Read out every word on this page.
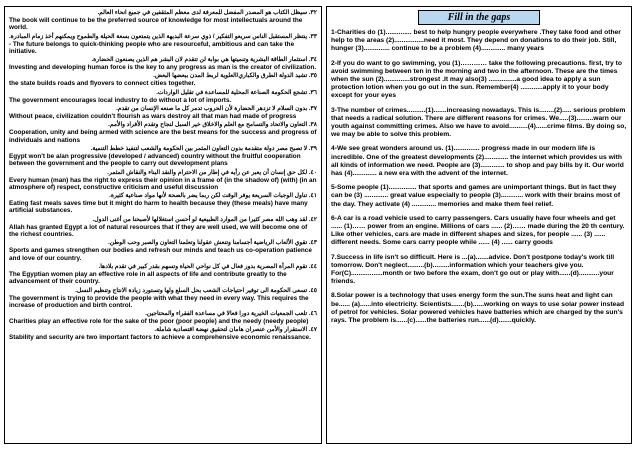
٣٢. سيظل الكتاب هو المصدر المفضل للمعرفة لدى معظم المثقفين في جميع انحاء العالم.
The book will continue to be the preferred source of knowledge for most intellectuals around the world.
٣٣. ينتظر المستقبل الناس سريعو التفكير / ذوي سرعة البديهة الذين يتمتعون بسعة الحيلة والطموح ويمكنهم أخذ زمام المبادرة.
- The future belongs to quick-thinking people who are resourceful, ambitious and can take the initiative.
٣٤. استثمار الطاقة البشرية وتنميتها هي بوابة لن تتقدم لان البشر هم الذين يصنعون الحضارة.
Investing and developing human force is the key to any progress as man is the creator of civilization.
٣٥. تشيد الدولة الطرق والكباري/العلوية لربط المدن ببعضها البعض.
the state builds roads and flyovers to connect cities together.
٣٦. تشجع الحكومة الصناعة المحلية للمساعدة في تقليل الواردات.
The government encourages local industry to do without a lot of imports.
٣٧. بدون السلام لا تزدهر الحضارة لأن الحروب تدمر كل ما صنعه الإنسان من تقدم.
Without peace, civilization couldn't flourish as wars destroy all that man had made of progress
٣٨. التعاون والاتحاد والتسامح مع العلم والاخلاق خير السبل لنجاح وتقدم الأفراد والأمم.
Cooperation, unity and being armed with science are the best means for the success and progress of individuals and nations
٣٩. لا تصبح مصر دولة متقدمة بدون التعاون المثمر بين الحكومة والشعب لتنفيذ خطط التنمية.
Egypt won't be a/an progressive (developed / advanced) country without the fruitful cooperation between the government and the people to carry out development plans
٤٠. لكل حق إنسان أن يعبر عن رأيه في إطار من الاحترام والنقد البناء والنقاش المثمر.
Every human (man) has the right to express their opinion in a frame of (in the shadow of) (with) (in an atmosphere of) respect, constructive criticism and useful discussion
٤١. تناول الوجبات السريعة يوفر الوقت لكن ربما يضر بالصحة لأنها مواد صناعية كثيرة.
Eating fast meals saves time but it might do harm to health because they (these meals) have many artificial substances.
٤٢. لقد وهب الله مصر كثيرا من الموارد الطبيعية لو أحسن استغلالها لأصبحنا من أغنى الدول.
Allah has granted Egypt a lot of natural resources that if they are well used, we will become one of the richest countries.
٤٣. تقوي الألعاب الرياضية أجسامنا وتنعش عقولنا وتعلمنا التعاون والصبر وحب الوطن.
Sports and games strengthen our bodies and refresh our minds and teach us co-operation patience and love of our country.
٤٤. تقوم المرأة المصرية بدور فعال في كل نواحي الحياة وتسهم بقدر كبير في تقدم بلادها.
The Egyptian women play an effective role in all aspects of life and contribute greatly to the advancement of their country.
٤٥. تسعى الحكومة الى توفير احتياجات الشعب بحل السلع ولها وتستورد زيادة الانتاج وتنظيم النسل.
The government is trying to provide the people with what they need in every way. This requires the increase of production and birth control.
٤٦. تلعب الجمعيات الخيرية دورا فعالا في مساعدة الفقراء والمحتاجين.
Charities play an effective role for the sake of the poor (poor people) and the needy (needy people)
٤٧. الاستقرار والأمن عنصران هامان لتحقيق نهضة اقتصادية شاملة.
Stability and security are two important factors to achieve a comprehensive economic renaissance.
Fill in the gaps
1-Charities do (1).............. best to help hungry people everywhere .They take food and other help to the areas (2)................need it most. They depend on donations to do their job. Still, hunger (3).............. continue to be a problem (4)............. many years
2-If you do want to go swimming, you (1)………… take the following precautions. first, try to avoid swimming between ten in the morning and two in the afternoon. These are the times when the sun (2)..............strongest .It may also(3) ...............a good idea to apply a sun protection lotion when you go out in the sun. Remember(4) ............apply it to your body except for your eyes
3-The number of crimes..........(1).......increasing nowadays. This is........(2)..... serious problem that needs a radical solution. There are different reasons for crimes. We.....(3).........warn our youth against committing crimes. Also we have to avoid..........(4)......crime films. By doing so, we may be able to solve this problem.
4-We see great wonders around us. (1).............. progress made in our modern life is incredible. One of the greatest developments (2)............. the internet which provides us with all kinds of information we need. People are (3)............. to shop and pay bills by it. Our world has (4)............. a new era with the advent of the internet.
5-Some people (1)............... that sports and games are unimportant things. But in fact they can be (3) ............. great value especially to people (3)............ work with their brains most of the day. They activate (4) ............. memories and make them feel relief.
6-A car is a road vehicle used to carry passengers. Cars usually have four wheels and get ...... (1)…… power from an engine. Millions of cars ...... (2)…… made during the 20 th century. Like other vehicles, cars are made in different shapes and sizes, for people ...... (3) ...... different needs. Some cars carry people while ...... (4) ...... carry goods
7.Success in life isn't so difficult. Here is ...(a).......advice. Don't postpone today's work till tomorrow. Don't neglect.........(b).........information which your teachers give you. For(C).................month or two before the exam, don't go out or play with......(d)...........your friends.
8.Solar power is a technology that uses energy form the sun.The suns heat and light can be...... (a)......into electricity. Scientists.......(b)......working on ways to use solar power instead of petrol for vehicles. Solar powered vehicles have batteries which are charged by the sun's rays. The problem is......(c)......the batteries run......(d).......quickly.
